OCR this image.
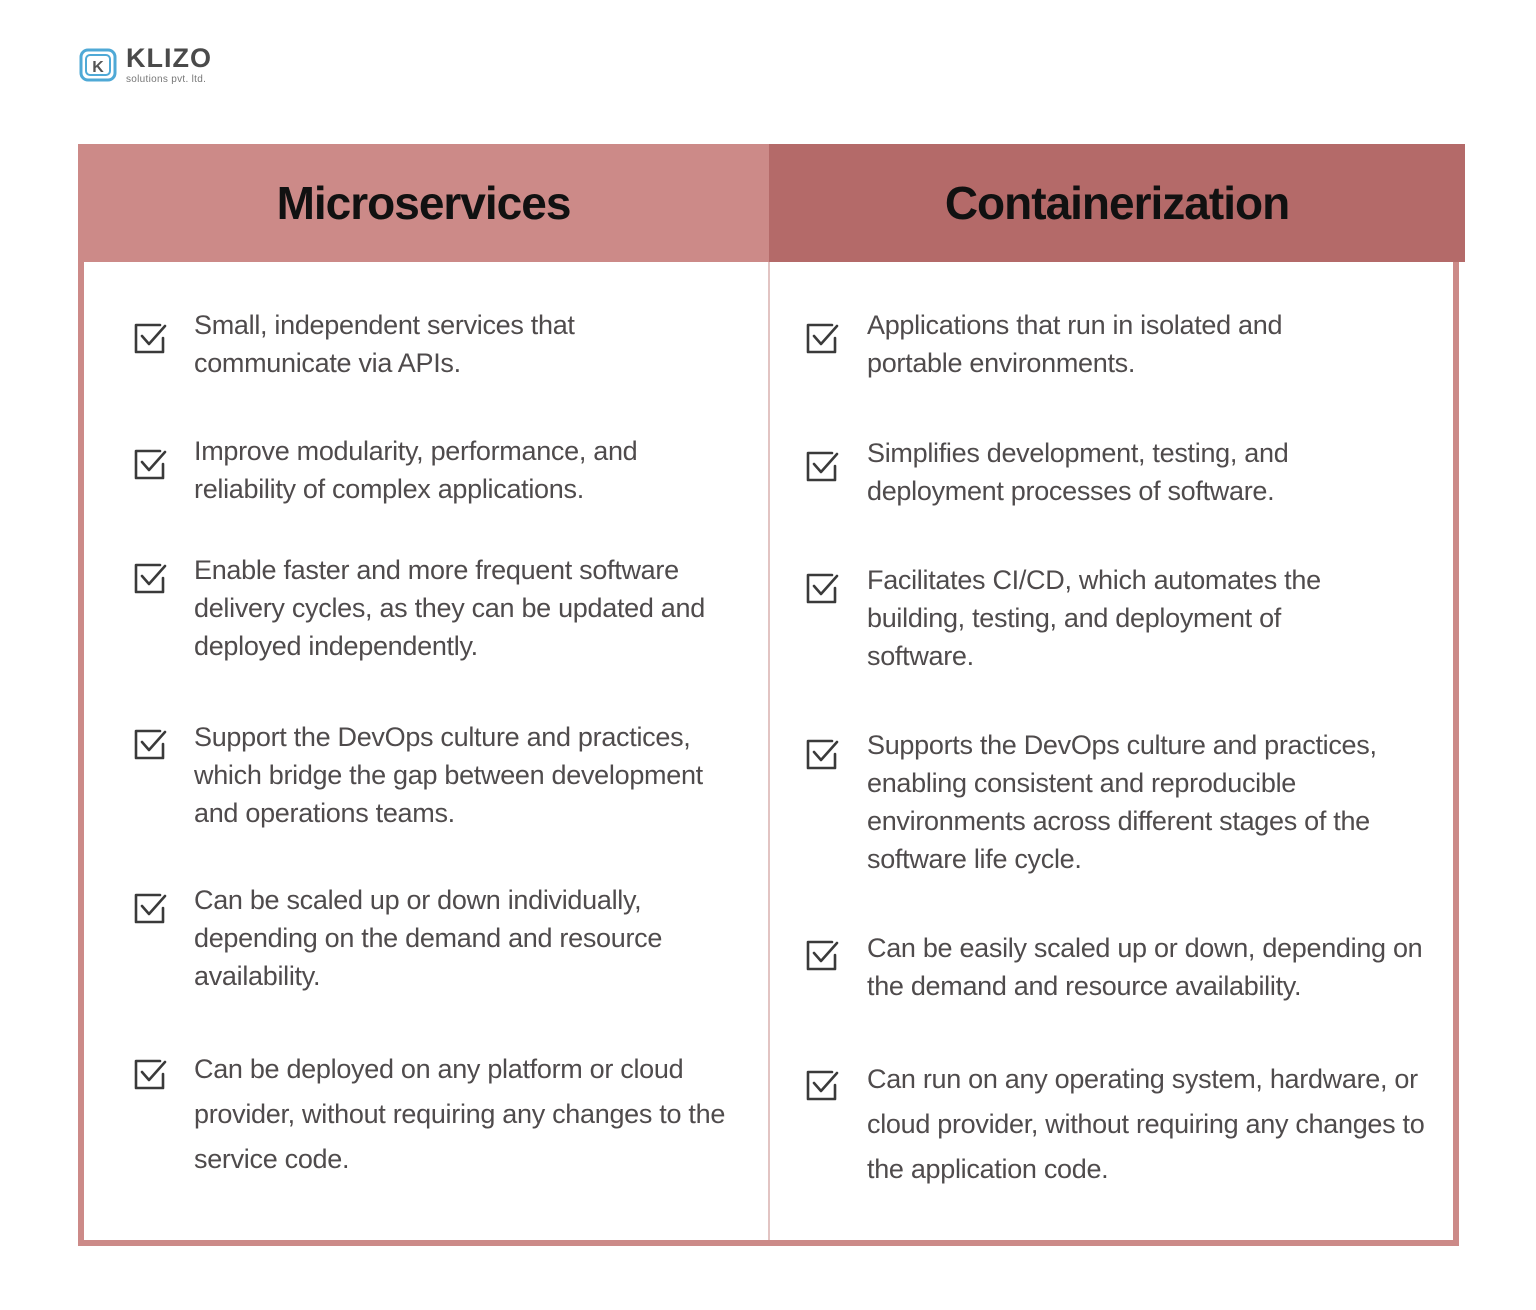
K KLIZO
solutions pvt. ltd.
Microservices	Containerization

Small, independent services that communicate via APIs.

Improve modularity, performance, and reliability of complex applications.

Enable faster and more frequent software delivery cycles, as they can be updated and deployed independently.

Support the DevOps culture and practices, which bridge the gap between development and operations teams.

Can be scaled up or down individually, depending on the demand and resource availability.

Can be deployed on any platform or cloud provider, without requiring any changes to the service code.

Applications that run in isolated and portable environments.

Simplifies development, testing, and deployment processes of software.

Facilitates CI/CD, which automates the building, testing, and deployment of software.

Supports the DevOps culture and practices, enabling consistent and reproducible environments across different stages of the software life cycle.

Can be easily scaled up or down, depending on the demand and resource availability.

Can run on any operating system, hardware, or cloud provider, without requiring any changes to the application code.
